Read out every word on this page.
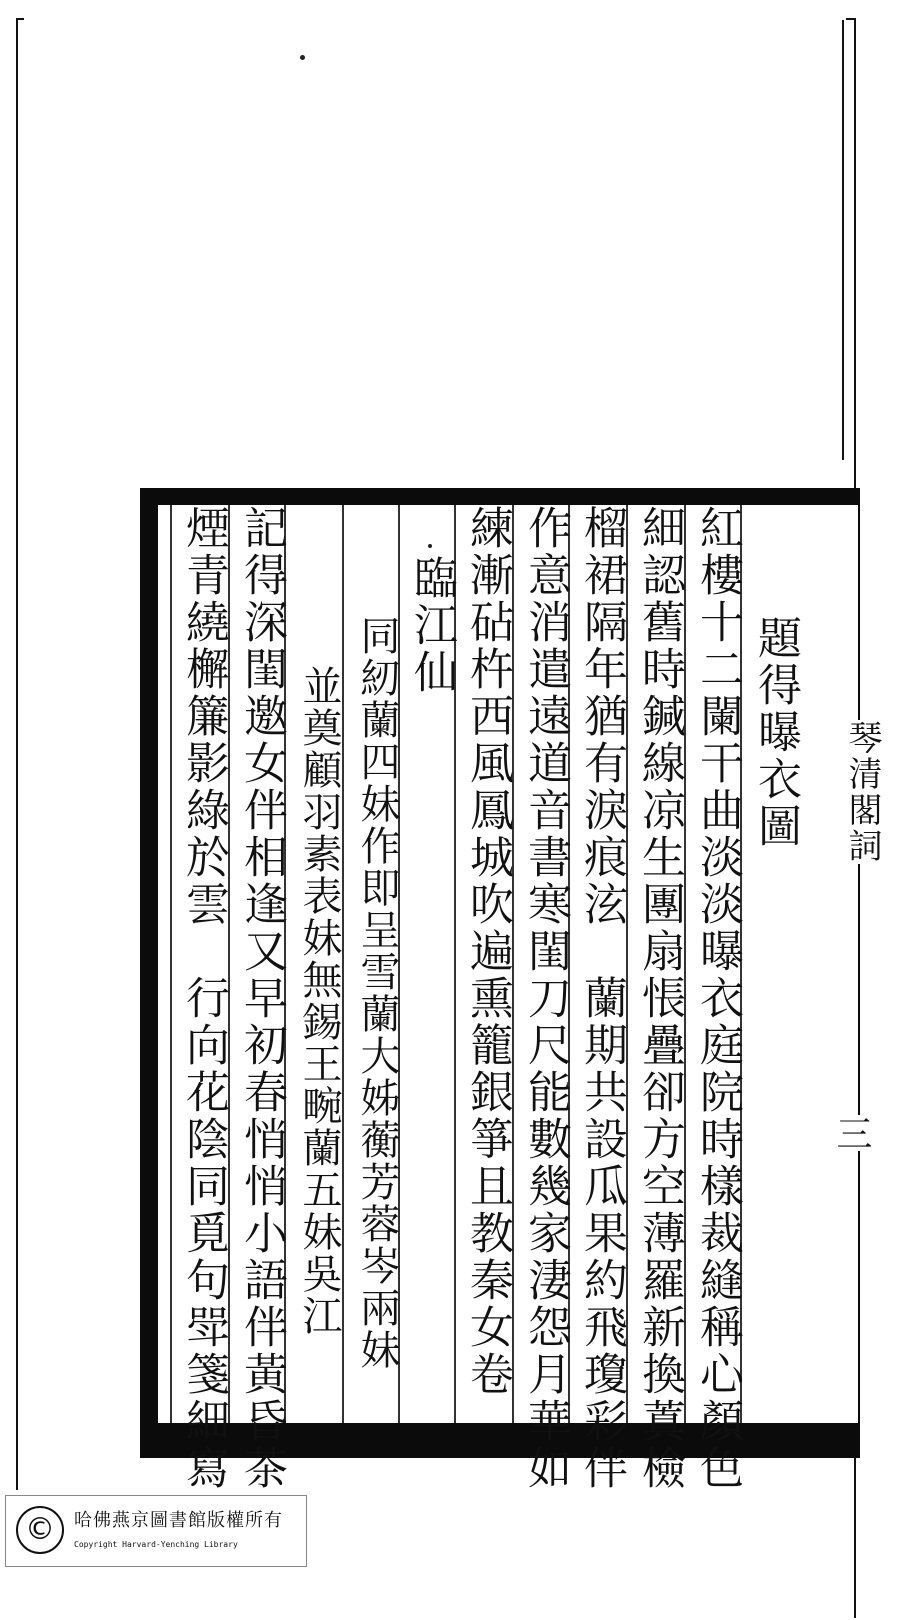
題得曝衣圖
紅樓十二闌干曲淡淡曝衣庭院時樣裁縫稱心顏色
細認舊時鍼線凉生團扇悵疊卻方空薄羅新換蒖檢
榴裙隔年猶有淚痕泫　蘭期共設瓜果約飛瓊彩伴
作意消遣遠道音書寒閨刀尺能數幾家淒怨月華如
練漸砧杵西風鳳城吹遍熏籠銀箏且教秦女卷
臨江仙
同紉蘭四妹作即呈雪蘭大姊蘅芳蓉岑兩妹
並奠顧羽素表妹無錫王畹蘭五妹吳江
記得深閨邀女伴相逢又早初春悄悄小語伴黃昏茶
煙青繞檞簾影綠於雲　行向花陰同覓句斝箋細寫	琴清閣詞
三
©	哈佛燕京圖書館版權所有
Copyright Harvard-Yenching Library
